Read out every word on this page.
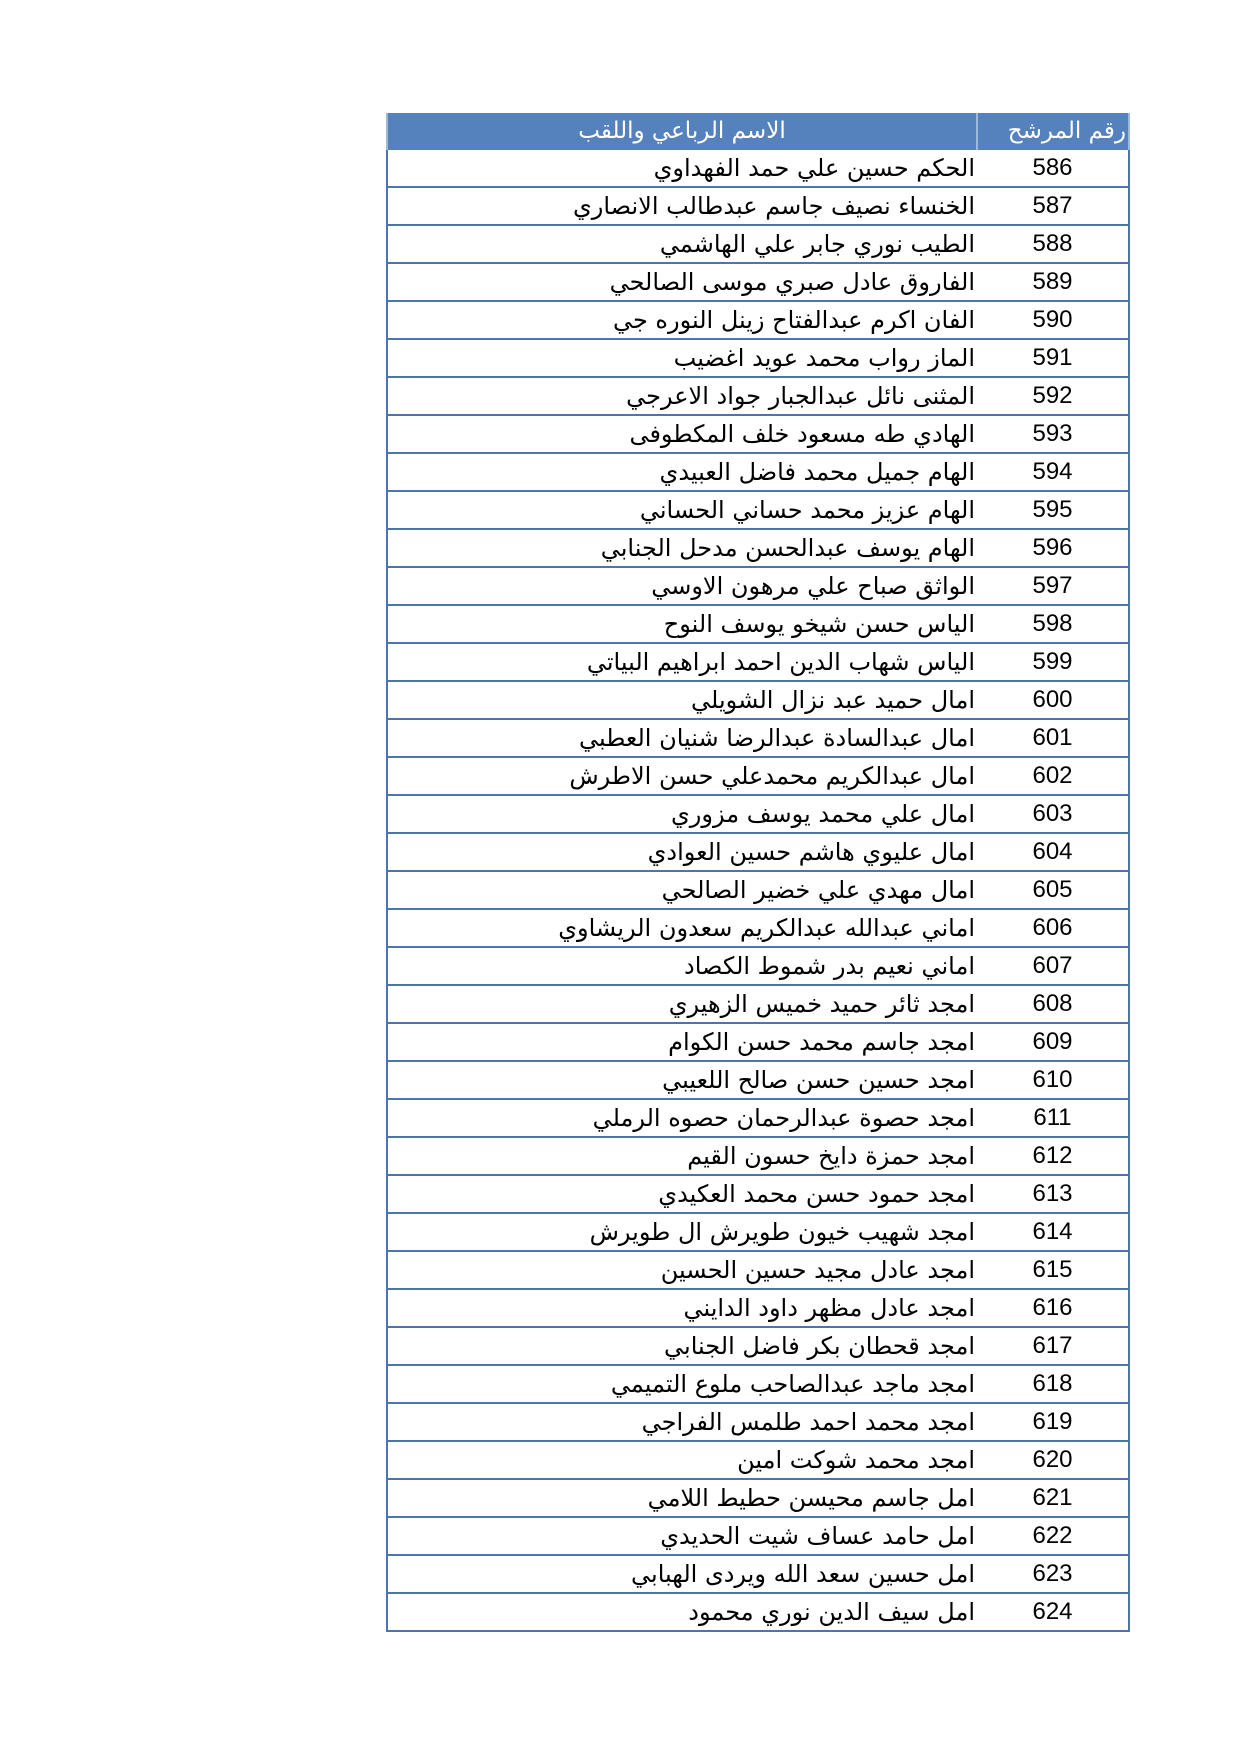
رقم المرشح	الاسم الرباعي واللقب
586	الحكم حسين علي حمد الفهداوي
587	الخنساء نصيف جاسم عبدطالب الانصاري
588	الطيب نوري جابر علي الهاشمي
589	الفاروق عادل صبري موسى الصالحي
590	الفان اكرم عبدالفتاح زينل النوره جي
591	الماز رواب محمد عويد اغضيب
592	المثنى نائل عبدالجبار جواد الاعرجي
593	الهادي طه مسعود خلف المكطوفى
594	الهام جميل محمد فاضل العبيدي
595	الهام عزيز محمد حساني الحساني
596	الهام يوسف عبدالحسن مدحل الجنابي
597	الواثق صباح علي مرهون الاوسي
598	الياس حسن شيخو يوسف النوح
599	الياس شهاب الدين احمد ابراهيم البياتي
600	امال حميد عبد نزال الشويلي
601	امال عبدالسادة عبدالرضا شنيان العطبي
602	امال عبدالكريم محمدعلي حسن الاطرش
603	امال علي محمد يوسف مزوري
604	امال عليوي هاشم حسين العوادي
605	امال مهدي علي خضير الصالحي
606	اماني عبدالله عبدالكريم سعدون الريشاوي
607	اماني نعيم بدر شموط الكصاد
608	امجد ثائر حميد خميس الزهيري
609	امجد جاسم محمد حسن الكوام
610	امجد حسين حسن صالح اللعيبي
611	امجد حصوة عبدالرحمان حصوه الرملي
612	امجد حمزة دايخ حسون القيم
613	امجد حمود حسن محمد العكيدي
614	امجد شهيب خيون طويرش ال طويرش
615	امجد عادل مجيد حسين الحسين
616	امجد عادل مظهر داود الدايني
617	امجد قحطان بكر فاضل الجنابي
618	امجد ماجد عبدالصاحب ملوع التميمي
619	امجد محمد احمد طلمس الفراجي
620	امجد محمد شوكت امين
621	امل جاسم محيسن حطيط اللامي
622	امل حامد عساف شيت الحديدي
623	امل حسين سعد الله ويردى الهبابي
624	امل سيف الدين نوري محمود
